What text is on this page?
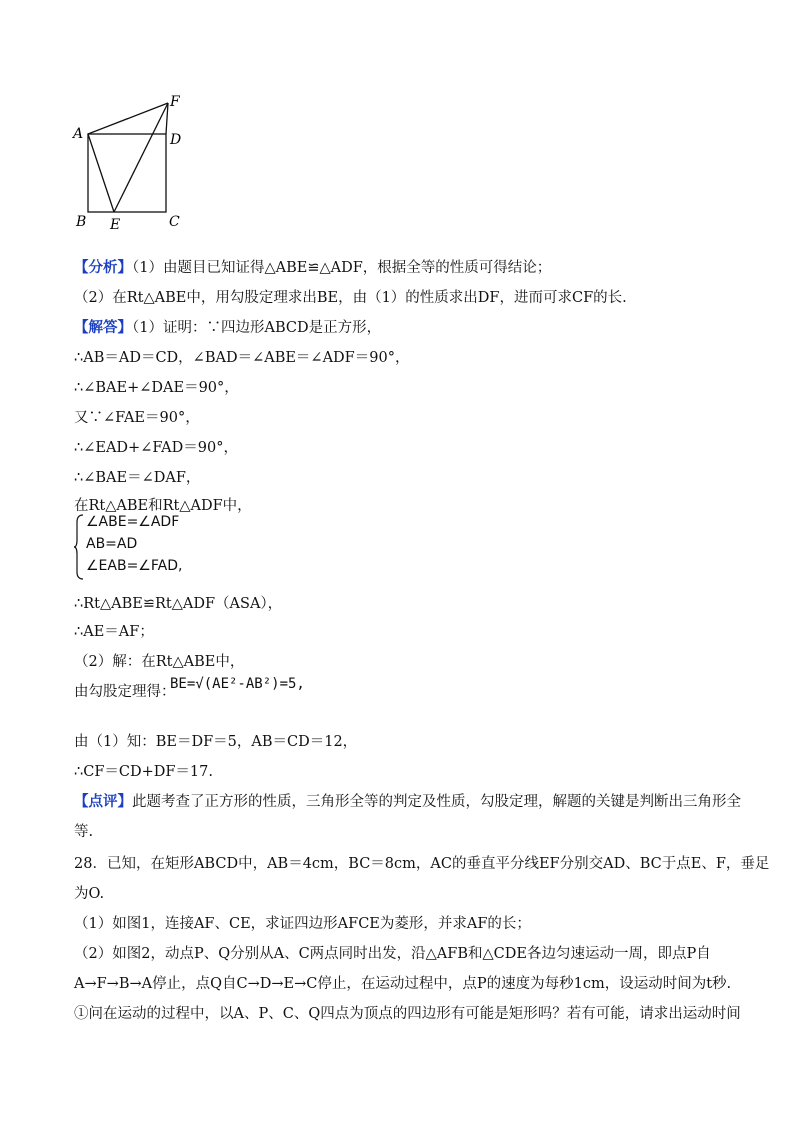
A
B	C
D
E
F
【分析】（1）由题目已知证得△ABE≌△ADF，根据全等的性质可得结论；
（2）在Rt△ABE中，用勾股定理求出BE，由（1）的性质求出DF，进而可求CF的长.
【解答】（1）证明：∵四边形ABCD是正方形，
∴AB＝AD＝CD，∠BAD＝∠ABE＝∠ADF＝90°，
∴∠BAE+∠DAE＝90°，
又∵∠FAE＝90°，
∴∠EAD+∠FAD＝90°，
∴∠BAE＝∠DAF，
在Rt△ABE和Rt△ADF中，
∠ABE=∠ADF
AB=AD
∠EAB=∠FAD,
∴Rt△ABE≌Rt△ADF（ASA），
∴AE＝AF；
（2）解：在Rt△ABE中，
由勾股定理得：
BE=√(AE²-AB²)=5,
由（1）知：BE＝DF＝5，AB＝CD＝12，
∴CF＝CD+DF＝17.
【点评】此题考查了正方形的性质，三角形全等的判定及性质，勾股定理，解题的关键是判断出三角形全
等.
28．已知，在矩形ABCD中，AB＝4cm，BC＝8cm，AC的垂直平分线EF分别交AD、BC于点E、F，垂足
为O.
（1）如图1，连接AF、CE，求证四边形AFCE为菱形，并求AF的长；
（2）如图2，动点P、Q分别从A、C两点同时出发，沿△AFB和△CDE各边匀速运动一周，即点P自
A→F→B→A停止，点Q自C→D→E→C停止，在运动过程中，点P的速度为每秒1cm，设运动时间为t秒.
①问在运动的过程中，以A、P、C、Q四点为顶点的四边形有可能是矩形吗？若有可能，请求出运动时间
